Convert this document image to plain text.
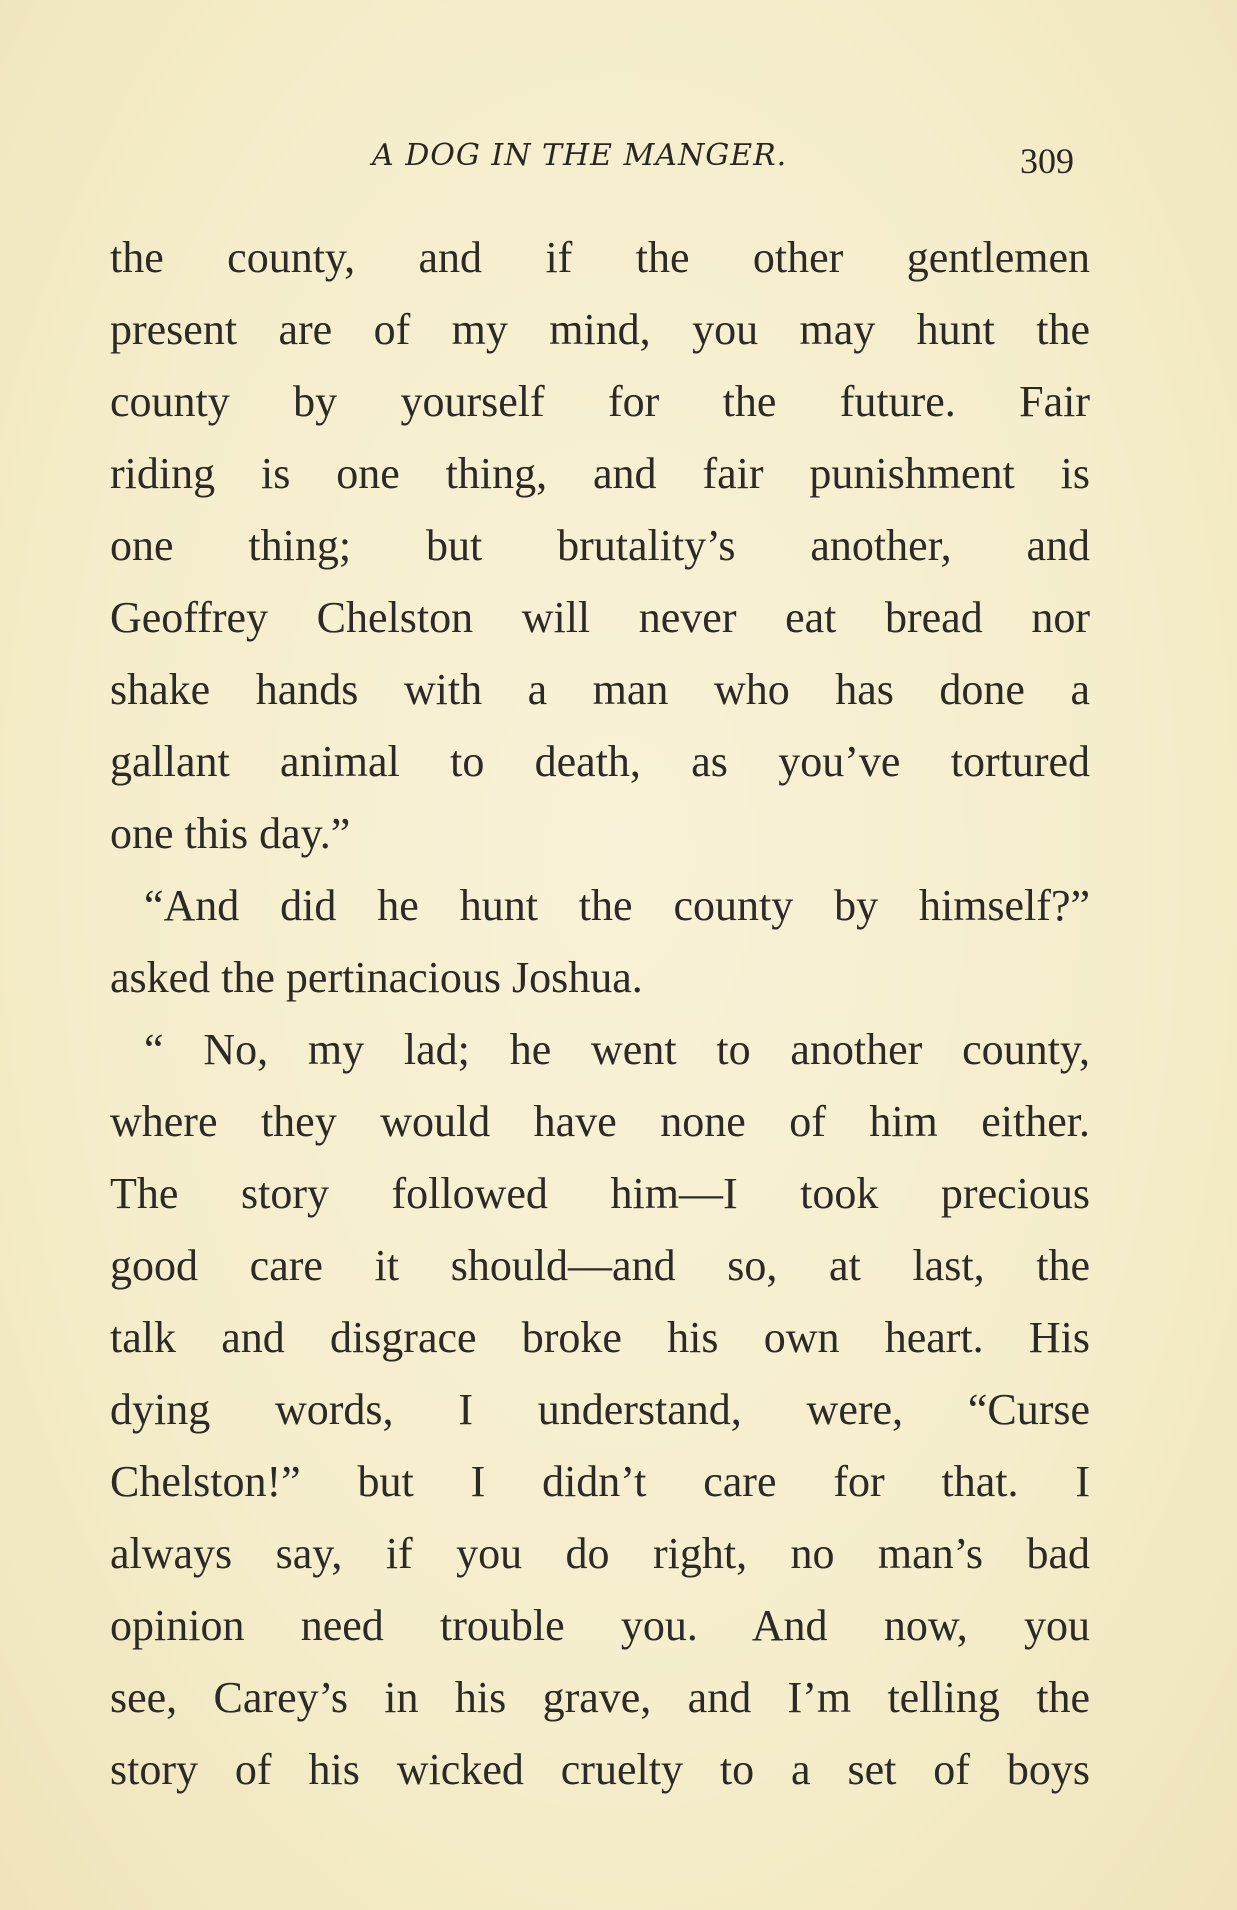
A DOG IN THE MANGER.	309
the county, and if the other gentlemen
present are of my mind, you may hunt the
county by yourself for the future. Fair
riding is one thing, and fair punishment is
one thing; but brutality’s another, and
Geoffrey Chelston will never eat bread nor
shake hands with a man who has done a
gallant animal to death, as you’ve tortured
one this day.”
“And did he hunt the county by himself?”
asked the pertinacious Joshua.
“ No, my lad; he went to another county,
where they would have none of him either.
The story followed him—I took precious
good care it should—and so, at last, the
talk and disgrace broke his own heart. His
dying words, I understand, were, “Curse
Chelston!” but I didn’t care for that. I
always say, if you do right, no man’s bad
opinion need trouble you. And now, you
see, Carey’s in his grave, and I’m telling the
story of his wicked cruelty to a set of boys
